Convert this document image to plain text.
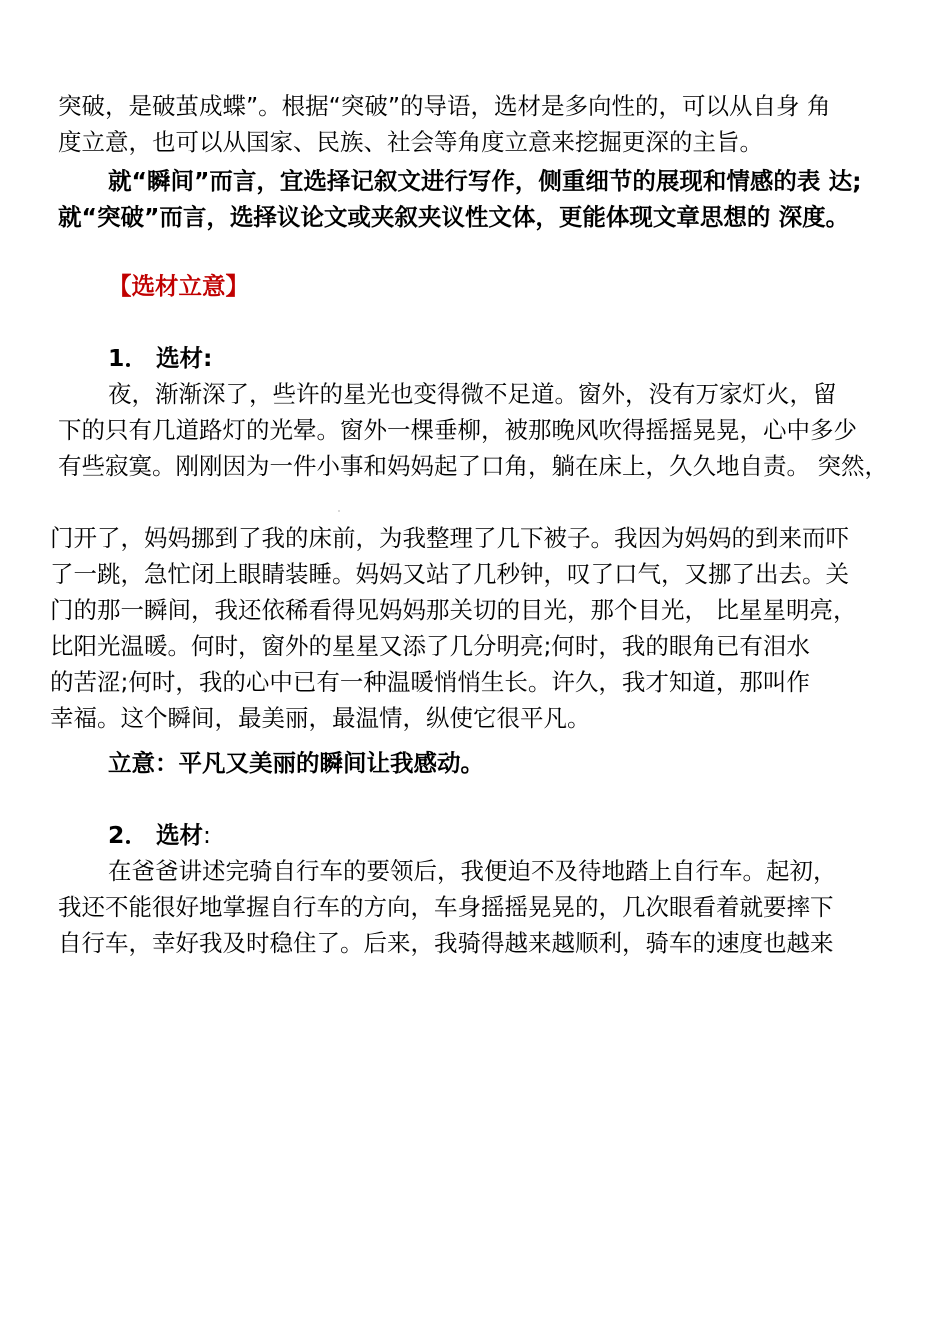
突破，是破茧成蝶”。根据“突破”的导语，选材是多向性的，可以从自身 角

度立意，也可以从国家、民族、社会等角度立意来挖掘更深的主旨。

就“瞬间”而言，宜选择记叙文进行写作，侧重细节的展现和情感的表 达;

就“突破”而言，选择议论文或夹叙夹议性文体，更能体现文章思想的 深度。

【选材立意】

1． 选材:

夜，渐渐深了，些许的星光也变得微不足道。窗外，没有万家灯火，留

下的只有几道路灯的光晕。窗外一棵垂柳，被那晚风吹得摇摇晃晃，心中多少

有些寂寞。刚刚因为一件小事和妈妈起了口角，躺在床上，久久地自责。 突然，

门开了，妈妈挪到了我的床前，为我整理了几下被子。我因为妈妈的到来而吓

了一跳，急忙闭上眼睛装睡。妈妈又站了几秒钟，叹了口气，又挪了出去。关

门的那一瞬间，我还依稀看得见妈妈那关切的目光，那个目光， 比星星明亮，

比阳光温暖。何时，窗外的星星又添了几分明亮;何时，我的眼角已有泪水

的苦涩;何时，我的心中已有一种温暖悄悄生长。许久，我才知道，那叫作

幸福。这个瞬间，最美丽，最温情，纵使它很平凡。

立意：平凡又美丽的瞬间让我感动。

2． 选材:

在爸爸讲述完骑自行车的要领后，我便迫不及待地踏上自行车。起初，

我还不能很好地掌握自行车的方向，车身摇摇晃晃的，几次眼看着就要摔下

自行车，幸好我及时稳住了。后来，我骑得越来越顺利，骑车的速度也越来
